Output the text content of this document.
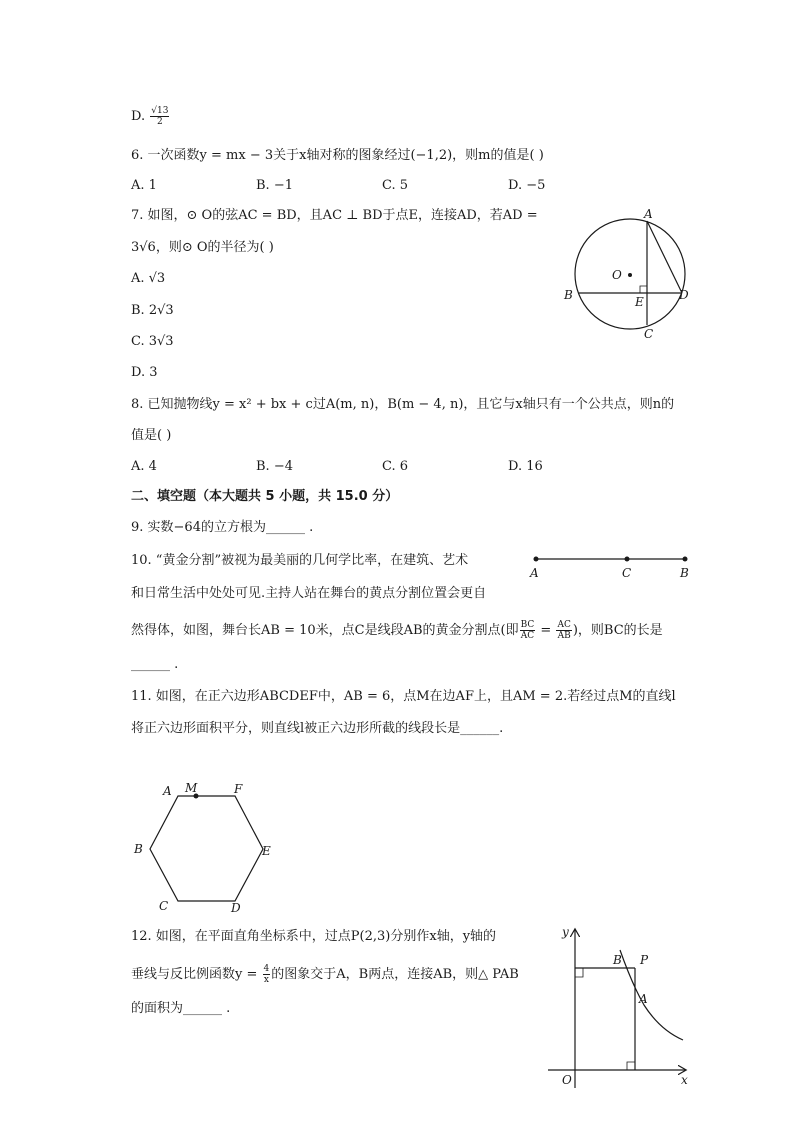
D. $\frac{√13}{2}$
6. 一次函数y = mx − 3关于x轴对称的图象经过(−1,2)，则m的值是( )
A. 1	B. −1	C. 5	D. −5
7. 如图，⊙ O的弦AC = BD，且AC ⊥ BD于点E，连接AD，若AD =
3√6，则⊙ O的半径为( )
A. √3
B. 2√3
C. 3√3
D. 3
A
O
B	E	D
C
8. 已知抛物线y = x² + bx + c过A(m, n)，B(m − 4, n)，且它与x轴只有一个公共点，则n的
值是( )
A. 4	B. −4	C. 6	D. 16
二、填空题（本大题共 5 小题，共 15.0 分）
9. 实数−64的立方根为______ .
10. “黄金分割”被视为最美丽的几何学比率，在建筑、艺术
和日常生活中处处可见.主持人站在舞台的黄点分割位置会更自
然得体，如图，舞台长AB = 10米，点C是线段AB的黄金分割点(即 $\frac{BC}{AC} = \frac{AC}{AB}$ )，则BC的长是
______ .
A	C	B
11. 如图，在正六边形ABCDEF中，AB = 6，点M在边AF上，且AM = 2.若经过点M的直线l
将正六边形面积平分，则直线l被正六边形所截的线段长是______.
A M	F
B	E
C	D
12. 如图，在平面直角坐标系中，过点P(2,3)分别作x轴，y轴的
垂线与反比例函数$y = \frac{4}{x}$ 的图象交于A，B两点，连接AB，则△ PAB
的面积为______ .
y
B P
A
O	x
